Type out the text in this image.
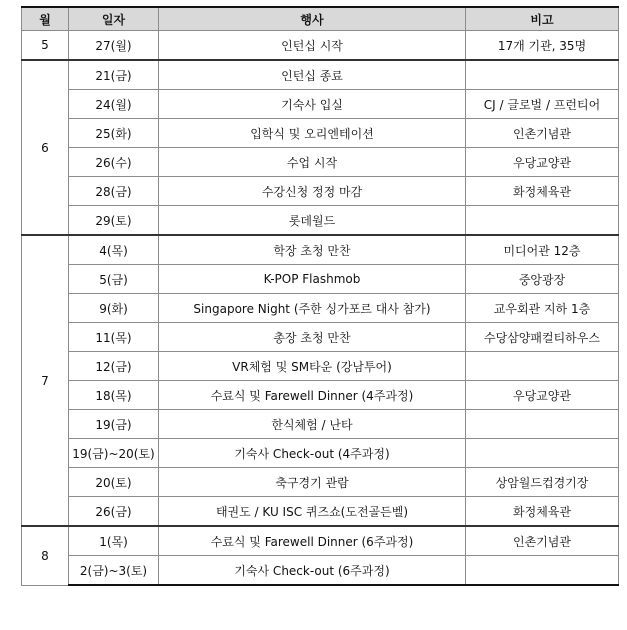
월	일자	행사	비고
5	27(월)	인턴십 시작	17개 기관, 35명
6	21(금)	인턴십 종료	
	24(월)	기숙사 입실	CJ / 글로벌 / 프런티어
	25(화)	입학식 및 오리엔테이션	인촌기념관
	26(수)	수업 시작	우당교양관
	28(금)	수강신청 정정 마감	화정체육관
	29(토)	롯데월드	
7	4(목)	학장 초청 만찬	미디어관 12층
	5(금)	K-POP Flashmob	중앙광장
	9(화)	Singapore Night (주한 싱가포르 대사 참가)	교우회관 지하 1층
	11(목)	총장 초청 만찬	수당삼양패컬티하우스
	12(금)	VR체험 및 SM타운 (강남투어)	
	18(목)	수료식 및 Farewell Dinner (4주과정)	우당교양관
	19(금)	한식체험 / 난타	
	19(금)~20(토)	기숙사 Check-out (4주과정)	
	20(토)	축구경기 관람	상암월드컵경기장
	26(금)	태권도 / KU ISC 퀴즈쇼(도전골든벨)	화정체육관
8	1(목)	수료식 및 Farewell Dinner (6주과정)	인촌기념관
	2(금)~3(토)	기숙사 Check-out (6주과정)	
